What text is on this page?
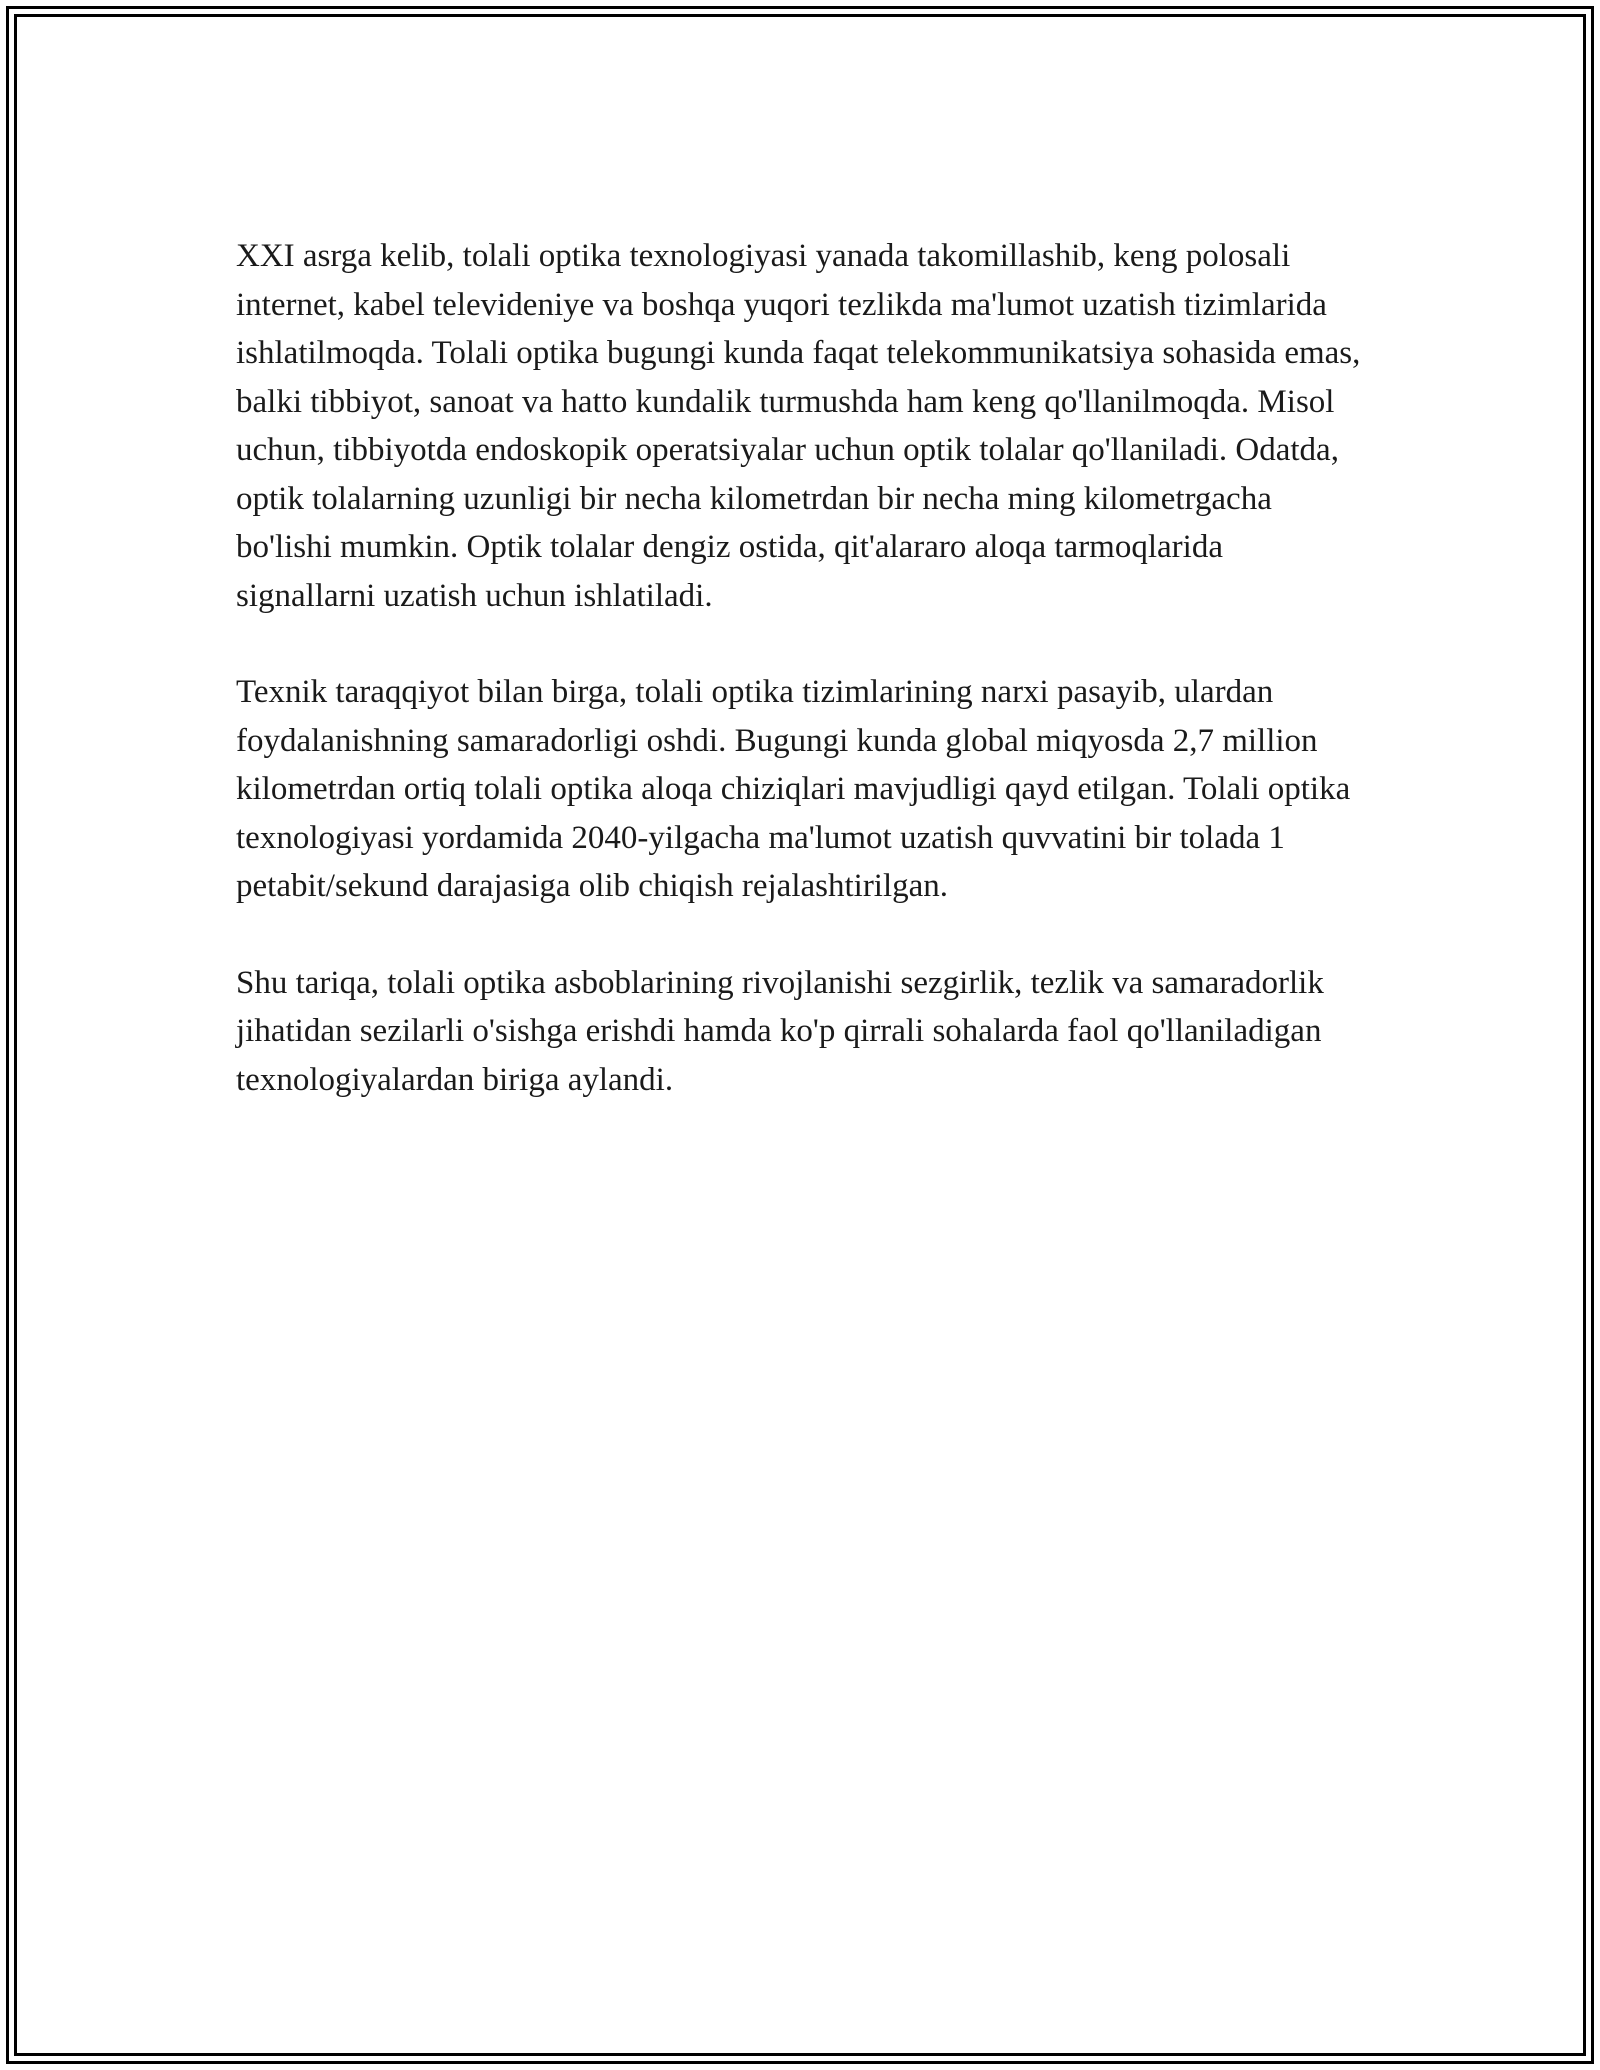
XXI asrga kelib, tolali optika texnologiyasi yanada takomillashib, keng polosali internet, kabel televideniye va boshqa yuqori tezlikda ma'lumot uzatish tizimlarida ishlatilmoqda. Tolali optika bugungi kunda faqat telekommunikatsiya sohasida emas, balki tibbiyot, sanoat va hatto kundalik turmushda ham keng qo'llanilmoqda. Misol uchun, tibbiyotda endoskopik operatsiyalar uchun optik tolalar qo'llaniladi. Odatda, optik tolalarning uzunligi bir necha kilometrdan bir necha ming kilometrgacha bo'lishi mumkin. Optik tolalar dengiz ostida, qit'alararo aloqa tarmoqlarida signallarni uzatish uchun ishlatiladi.

Texnik taraqqiyot bilan birga, tolali optika tizimlarining narxi pasayib, ulardan foydalanishning samaradorligi oshdi. Bugungi kunda global miqyosda 2,7 million kilometrdan ortiq tolali optika aloqa chiziqlari mavjudligi qayd etilgan. Tolali optika texnologiyasi yordamida 2040-yilgacha ma'lumot uzatish quvvatini bir tolada 1 petabit/sekund darajasiga olib chiqish rejalashtirilgan.

Shu tariqa, tolali optika asboblarining rivojlanishi sezgirlik, tezlik va samaradorlik jihatidan sezilarli o'sishga erishdi hamda ko'p qirrali sohalarda faol qo'llaniladigan texnologiyalardan biriga aylandi.
